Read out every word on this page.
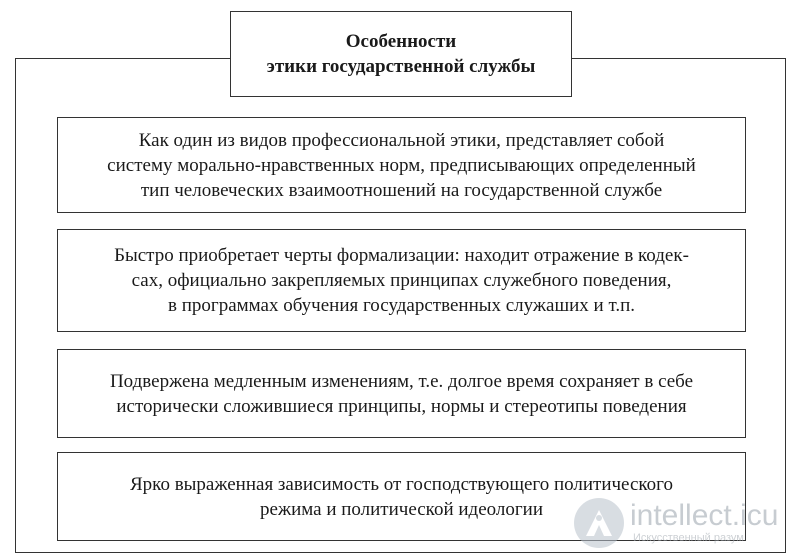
Особенности
этики государственной службы
Как один из видов профессиональной этики, представляет собой
систему морально-нравственных норм, предписывающих определенный
тип человеческих взаимоотношений на государственной службе
Быстро приобретает черты формализации: находит отражение в кодек-
сах, официально закрепляемых принципах служебного поведения,
в программах обучения государственных служаших и т.п.
Подвержена медленным изменениям, т.е. долгое время сохраняет в себе
исторически сложившиеся принципы, нормы и стереотипы поведения
Ярко выраженная зависимость от господствующего политического
режима и политической идеологии	intellect.icu
Искусственный разум
